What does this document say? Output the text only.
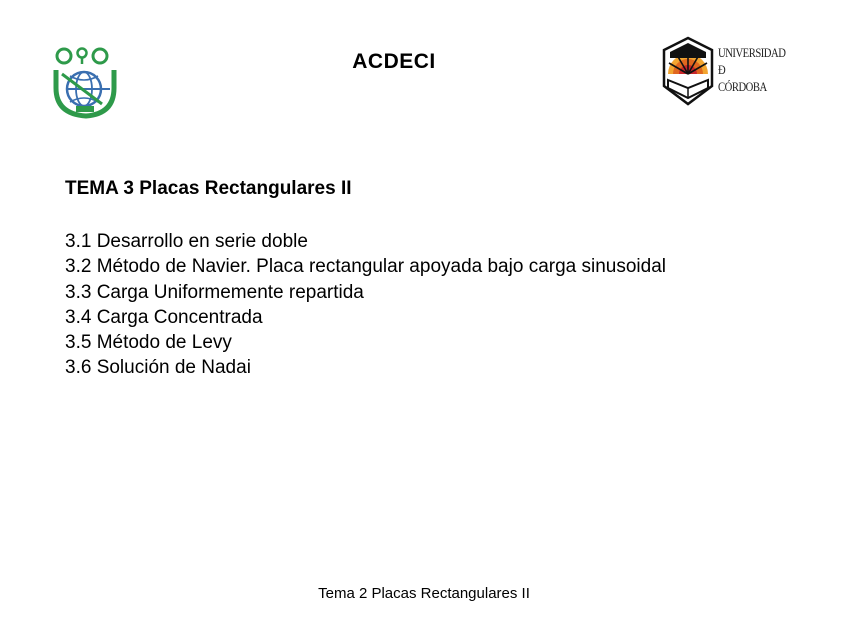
ACDECI	UNIVERSIDAD
Ð
CÓRDOBA
TEMA 3 Placas Rectangulares II
3.1 Desarrollo en serie doble
3.2 Método de Navier. Placa rectangular apoyada bajo carga sinusoidal
3.3 Carga Uniformemente repartida
3.4 Carga Concentrada
3.5 Método de Levy
3.6 Solución de Nadai
Tema 2 Placas Rectangulares II
